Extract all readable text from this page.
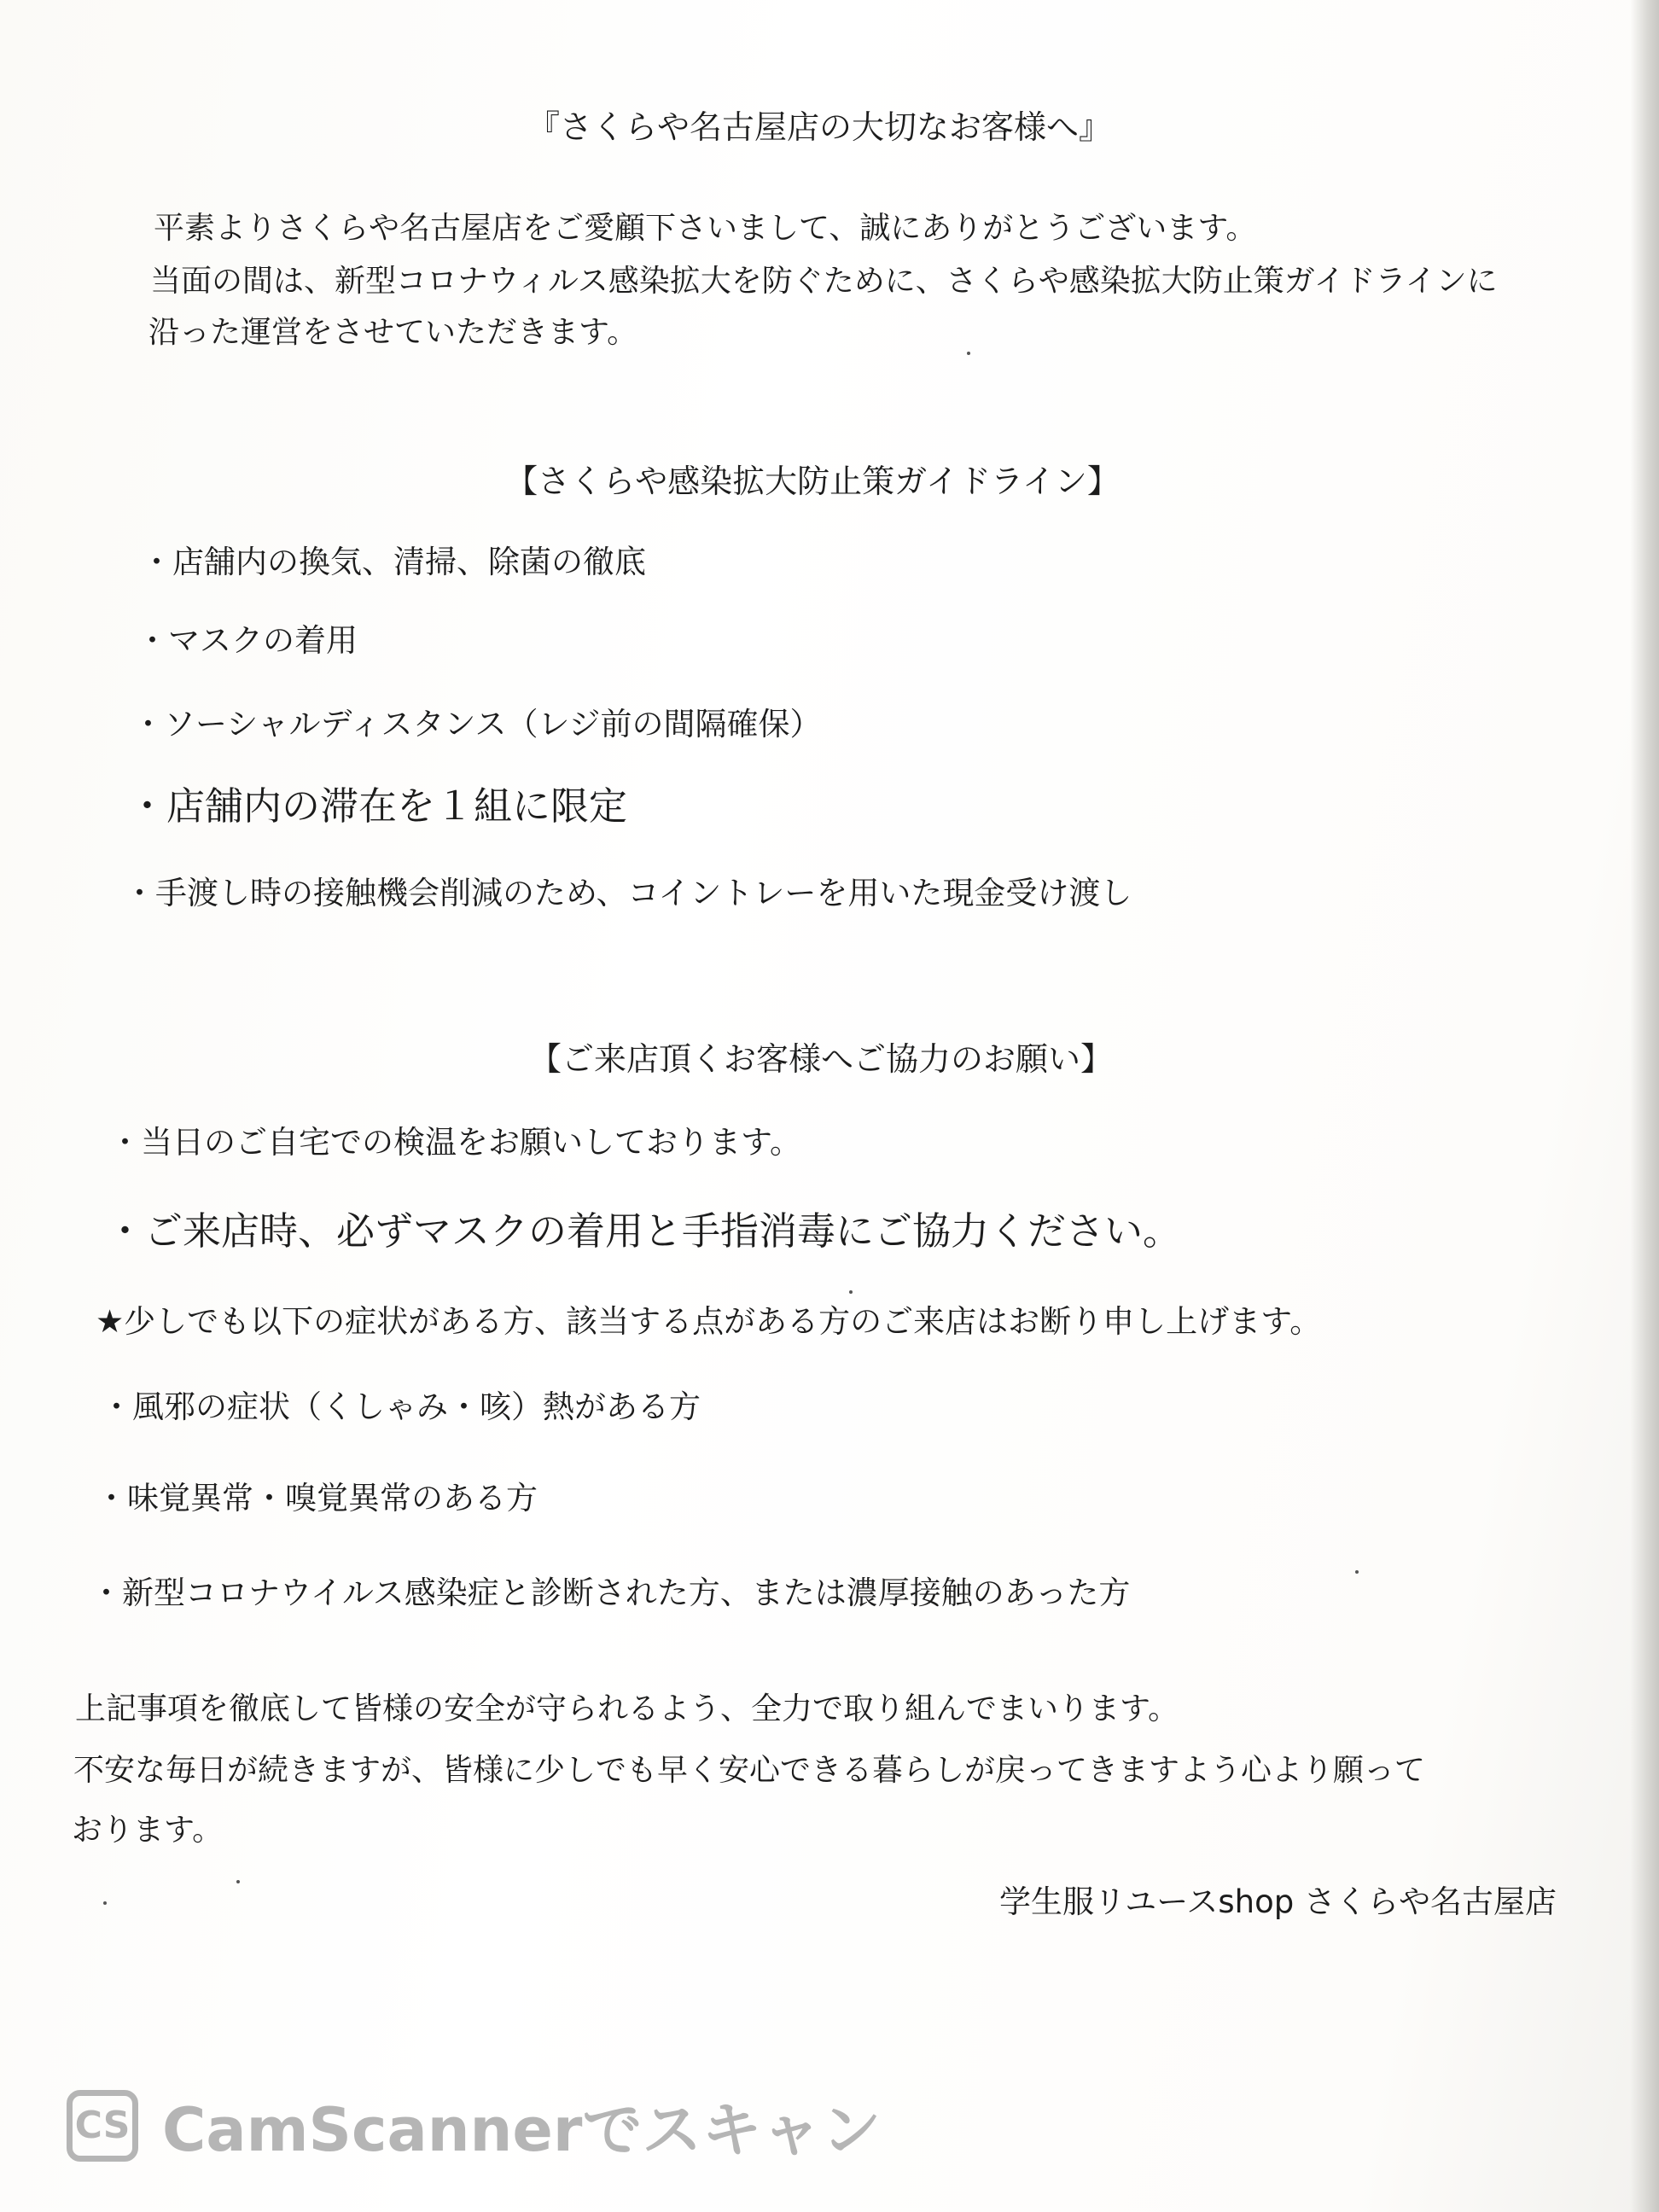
『さくらや名古屋店の大切なお客様へ』
平素よりさくらや名古屋店をご愛顧下さいまして、誠にありがとうございます。
当面の間は、新型コロナウィルス感染拡大を防ぐために、さくらや感染拡大防止策ガイドラインに
沿った運営をさせていただきます。
【さくらや感染拡大防止策ガイドライン】
・店舗内の換気、清掃、除菌の徹底
・マスクの着用
・ソーシャルディスタンス（レジ前の間隔確保）
・店舗内の滞在を１組に限定
・手渡し時の接触機会削減のため、コイントレーを用いた現金受け渡し
【ご来店頂くお客様へご協力のお願い】
・当日のご自宅での検温をお願いしております。
・ご来店時、必ずマスクの着用と手指消毒にご協力ください。
★少しでも以下の症状がある方、該当する点がある方のご来店はお断り申し上げます。
・風邪の症状（くしゃみ・咳）熱がある方
・味覚異常・嗅覚異常のある方
・新型コロナウイルス感染症と診断された方、または濃厚接触のあった方
上記事項を徹底して皆様の安全が守られるよう、全力で取り組んでまいります。
不安な毎日が続きますが、皆様に少しでも早く安心できる暮らしが戻ってきますよう心より願って
おります。
学生服リユースshop さくらや名古屋店
CS CamScannerでスキャン
